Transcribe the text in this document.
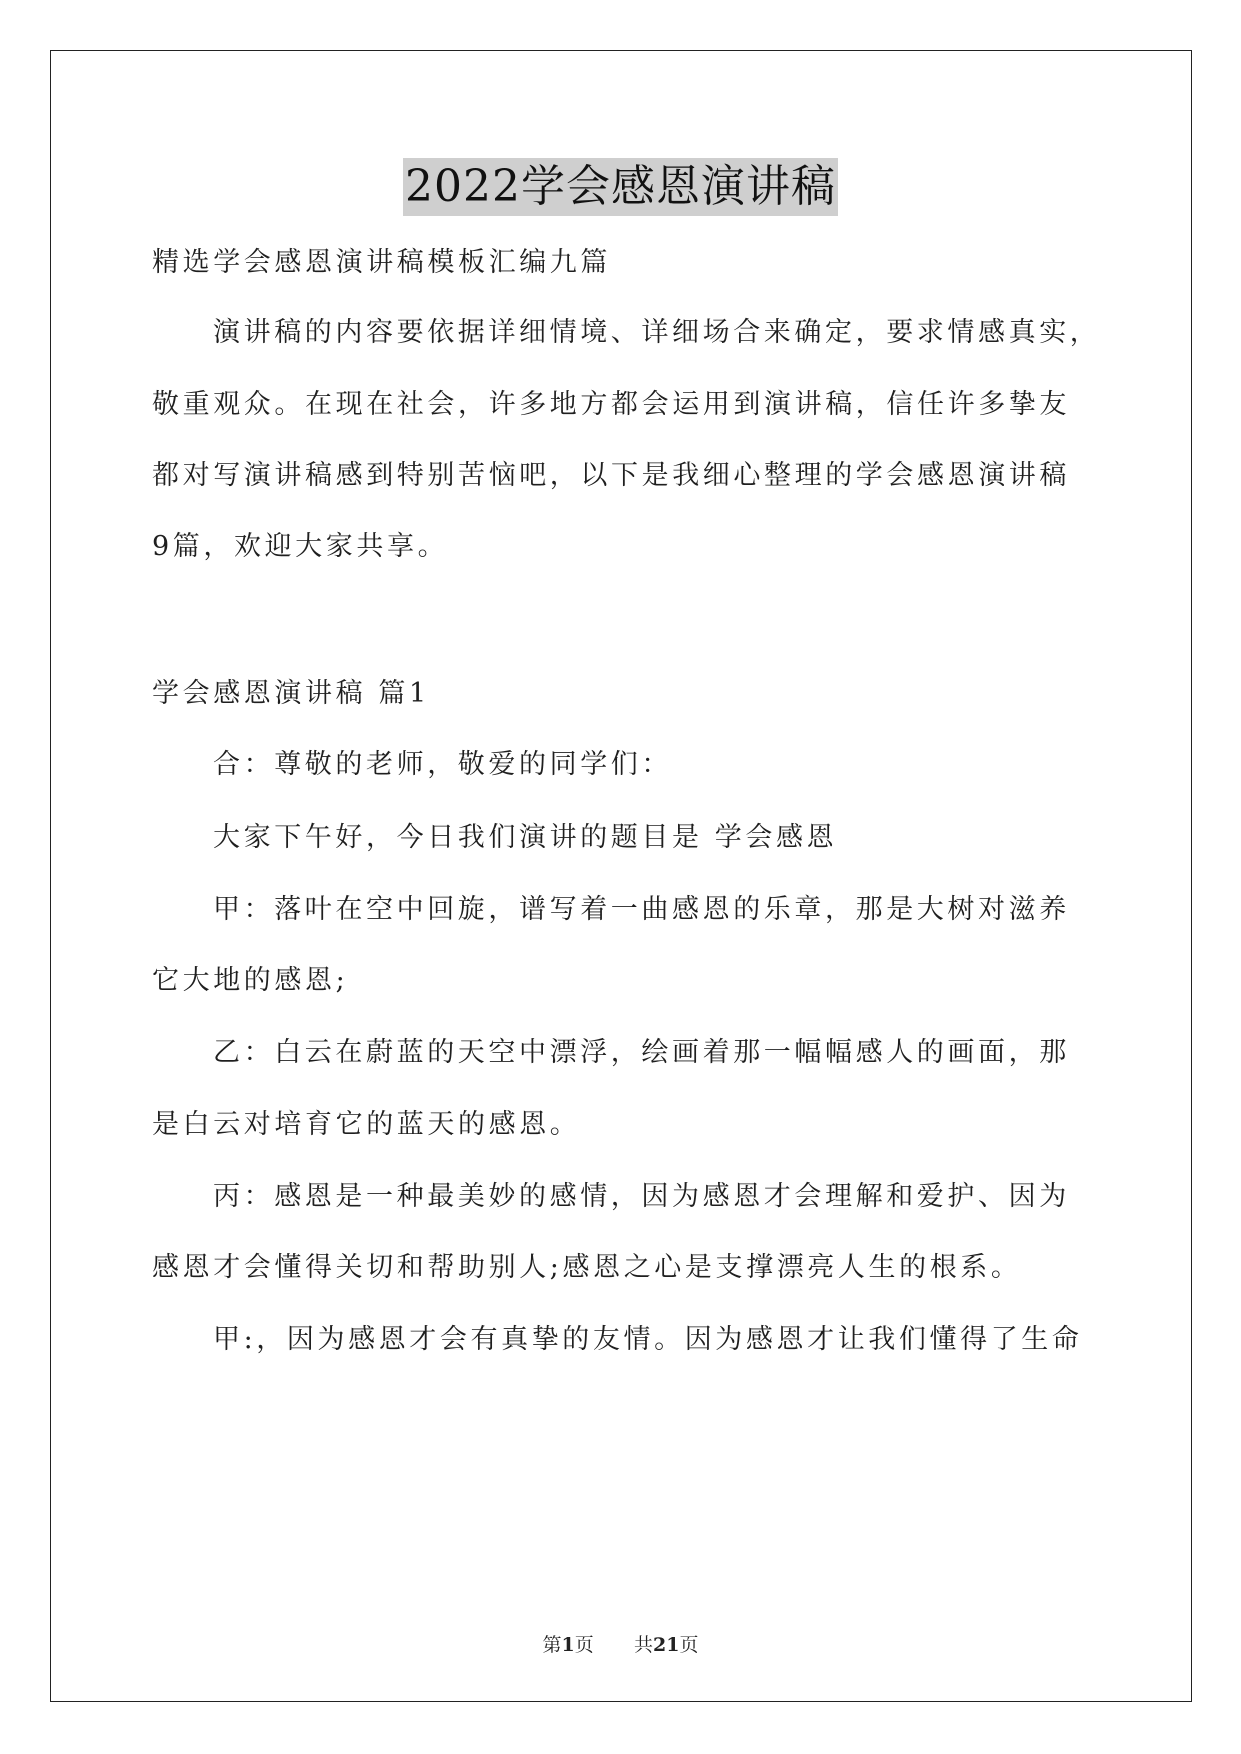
2022学会感恩演讲稿
精选学会感恩演讲稿模板汇编九篇
演讲稿的内容要依据详细情境、详细场合来确定，要求情感真实，
敬重观众。在现在社会，许多地方都会运用到演讲稿，信任许多挚友
都对写演讲稿感到特别苦恼吧，以下是我细心整理的学会感恩演讲稿
9篇，欢迎大家共享。
学会感恩演讲稿 篇1
合：尊敬的老师，敬爱的同学们：
大家下午好，今日我们演讲的题目是 学会感恩
甲：落叶在空中回旋，谱写着一曲感恩的乐章，那是大树对滋养
它大地的感恩;
乙：白云在蔚蓝的天空中漂浮，绘画着那一幅幅感人的画面，那
是白云对培育它的蓝天的感恩。
丙：感恩是一种最美妙的感情，因为感恩才会理解和爱护、因为
感恩才会懂得关切和帮助别人;感恩之心是支撑漂亮人生的根系。
甲:，因为感恩才会有真挚的友情。因为感恩才让我们懂得了生命
第1页 共21页
